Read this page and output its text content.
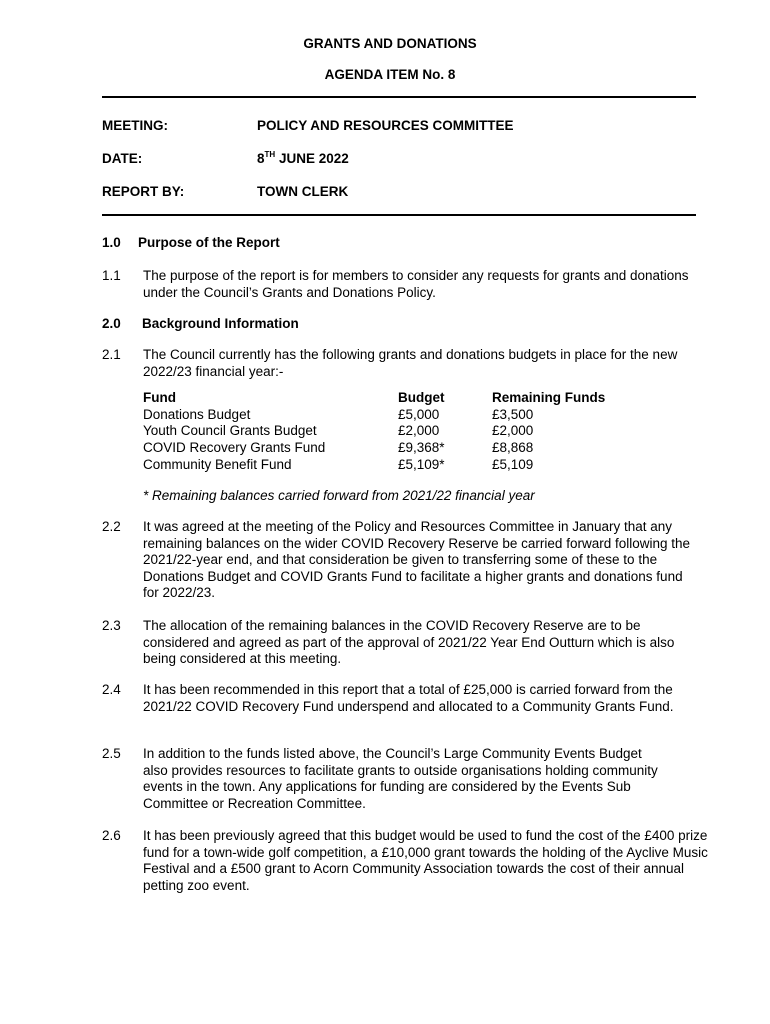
GRANTS AND DONATIONS
AGENDA ITEM No. 8
MEETING:	POLICY AND RESOURCES COMMITTEE
DATE:	8TH JUNE 2022
REPORT BY:	TOWN CLERK
1.0 Purpose of the Report
1.1 The purpose of the report is for members to consider any requests for grants and donations under the Council’s Grants and Donations Policy.
2.0 Background Information
2.1 The Council currently has the following grants and donations budgets in place for the new 2022/23 financial year:-
Fund	Budget	Remaining Funds
Donations Budget	£5,000	£3,500
Youth Council Grants Budget	£2,000	£2,000
COVID Recovery Grants Fund	£9,368*	£8,868
Community Benefit Fund	£5,109*	£5,109
* Remaining balances carried forward from 2021/22 financial year
2.2 It was agreed at the meeting of the Policy and Resources Committee in January that any remaining balances on the wider COVID Recovery Reserve be carried forward following the 2021/22-year end, and that consideration be given to transferring some of these to the Donations Budget and COVID Grants Fund to facilitate a higher grants and donations fund for 2022/23.
2.3 The allocation of the remaining balances in the COVID Recovery Reserve are to be considered and agreed as part of the approval of 2021/22 Year End Outturn which is also being considered at this meeting.
2.4 It has been recommended in this report that a total of £25,000 is carried forward from the 2021/22 COVID Recovery Fund underspend and allocated to a Community Grants Fund.
2.5 In addition to the funds listed above, the Council’s Large Community Events Budget also provides resources to facilitate grants to outside organisations holding community events in the town. Any applications for funding are considered by the Events Sub Committee or Recreation Committee.
2.6 It has been previously agreed that this budget would be used to fund the cost of the £400 prize fund for a town-wide golf competition, a £10,000 grant towards the holding of the Ayclive Music Festival and a £500 grant to Acorn Community Association towards the cost of their annual petting zoo event.
